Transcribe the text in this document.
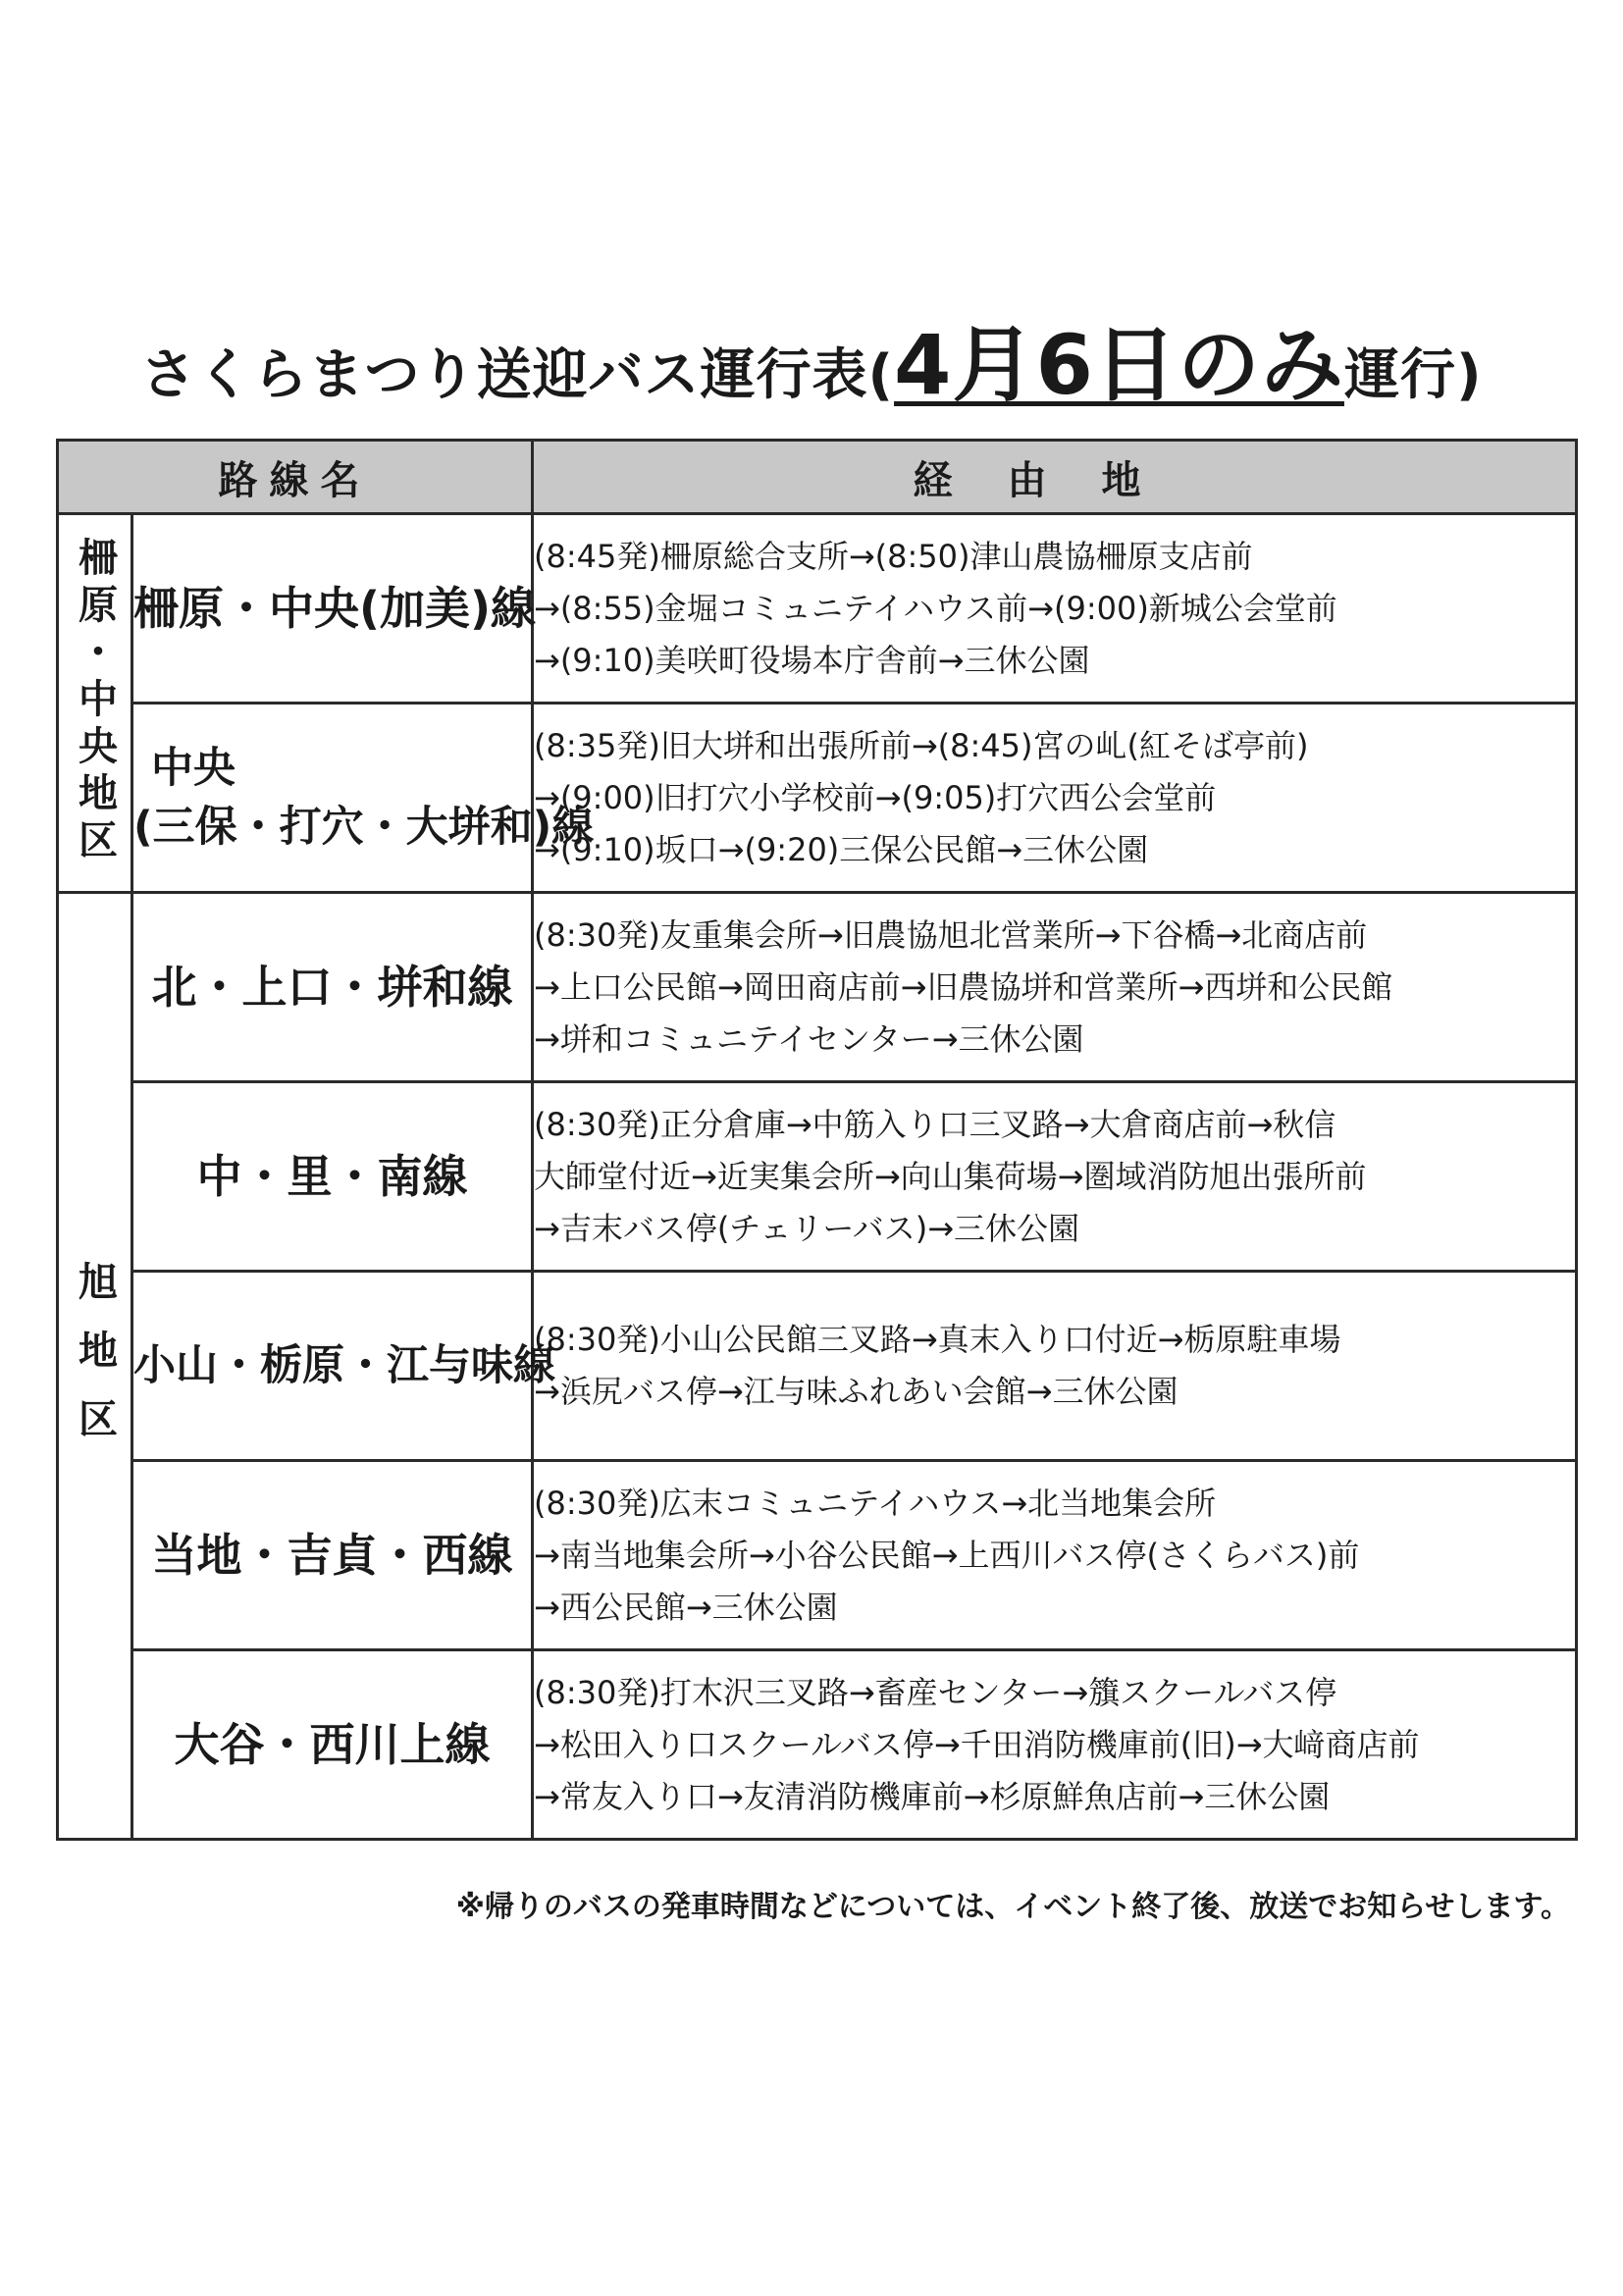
さくらまつり送迎バス運行表(4月6日のみ運行)
路線名		経由地
柵原・中央地区	柵原・中央(加美)線	(8:45発)柵原総合支所→(8:50)津山農協柵原支店前
→(8:55)金堀コミュニテイハウス前→(9:00)新城公会堂前
→(9:10)美咲町役場本庁舎前→三休公園

	中央
(三保・打穴・大垪和)線	(8:35発)旧大垪和出張所前→(8:45)宮の乢(紅そば亭前)
→(9:00)旧打穴小学校前→(9:05)打穴西公会堂前
→(9:10)坂口→(9:20)三保公民館→三休公園

旭地区	北・上口・垪和線	(8:30発)友重集会所→旧農協旭北営業所→下谷橋→北商店前
→上口公民館→岡田商店前→旧農協垪和営業所→西垪和公民館
→垪和コミュニテイセンター→三休公園

	中・里・南線	(8:30発)正分倉庫→中筋入り口三叉路→大倉商店前→秋信
大師堂付近→近実集会所→向山集荷場→圏域消防旭出張所前
→吉末バス停(チェリーバス)→三休公園

	小山・栃原・江与味線	(8:30発)小山公民館三叉路→真末入り口付近→栃原駐車場
→浜尻バス停→江与味ふれあい会館→三休公園

	当地・吉貞・西線	(8:30発)広末コミュニテイハウス→北当地集会所
→南当地集会所→小谷公民館→上西川バス停(さくらバス)前
→西公民館→三休公園

	大谷・西川上線	(8:30発)打木沢三叉路→畜産センター→籏スクールバス停
→松田入り口スクールバス停→千田消防機庫前(旧)→大﨑商店前
→常友入り口→友清消防機庫前→杉原鮮魚店前→三休公園
※帰りのバスの発車時間などについては、イベント終了後、放送でお知らせします。
